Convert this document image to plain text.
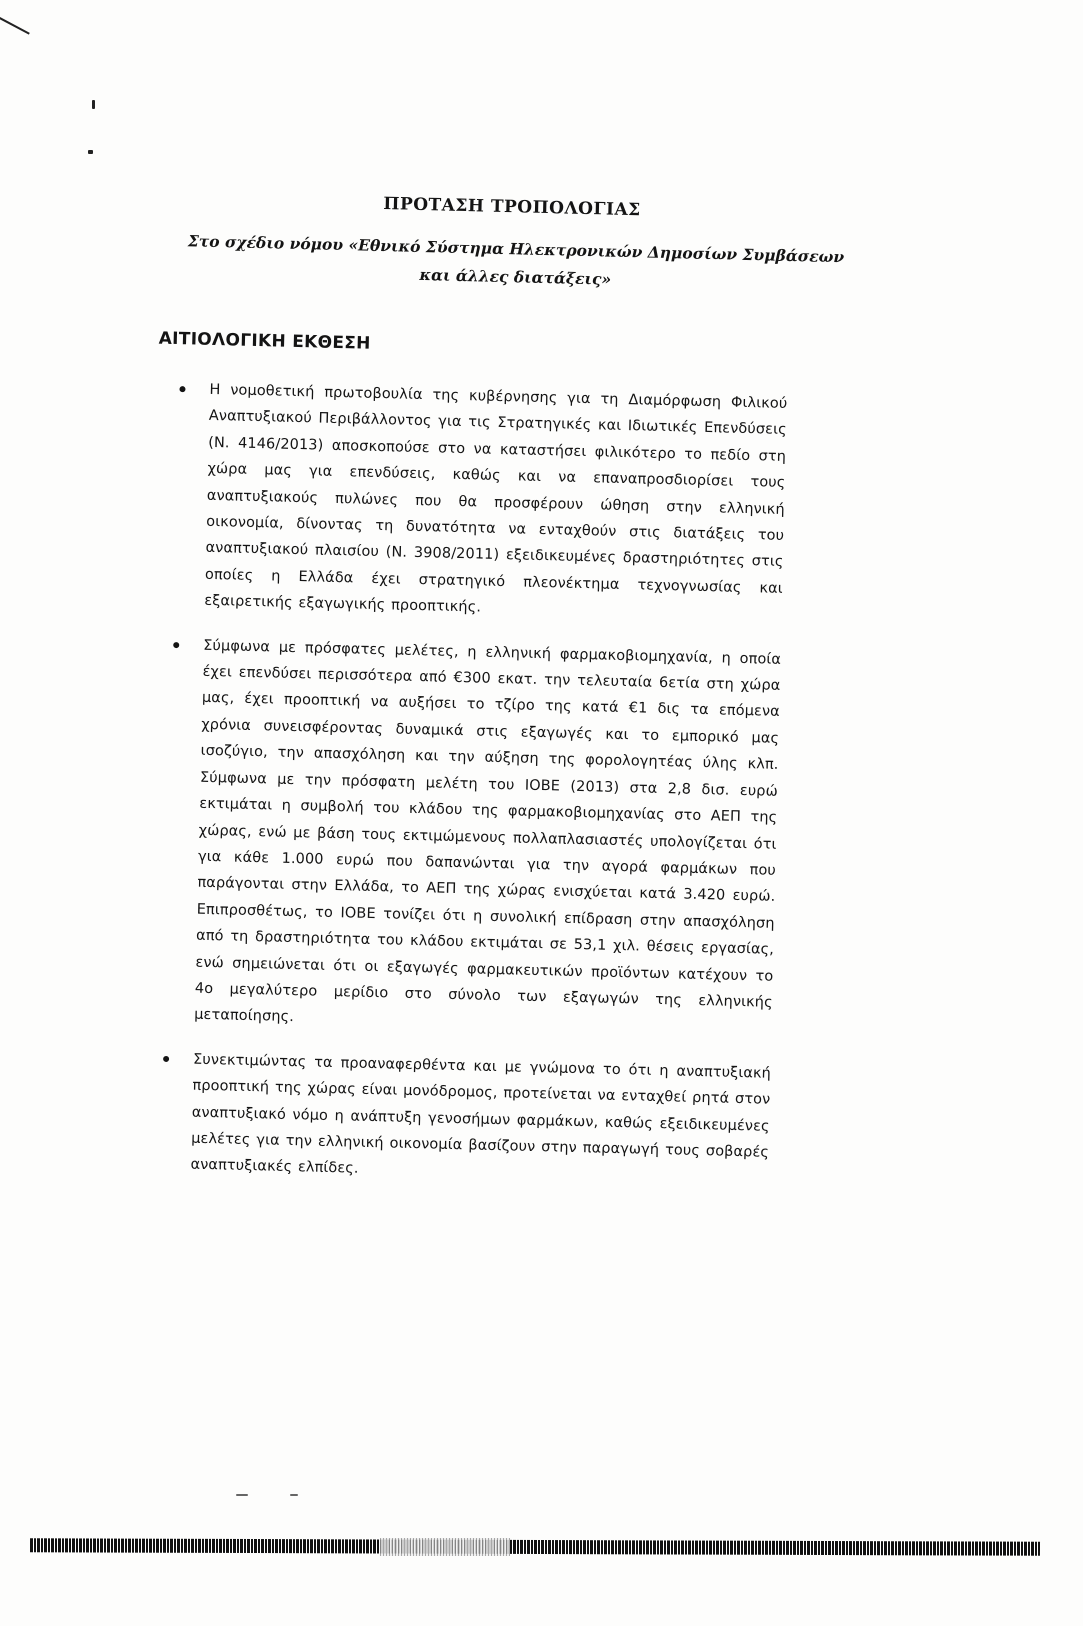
ΠΡΟΤΑΣΗ ΤΡΟΠΟΛΟΓΙΑΣ
Στο σχέδιο νόμου «Εθνικό Σύστημα Ηλεκτρονικών Δημοσίων Συμβάσεων και άλλες διατάξεις»
ΑΙΤΙΟΛΟΓΙΚΗ ΕΚΘΕΣΗ
Η νομοθετική πρωτοβουλία της κυβέρνησης για τη Διαμόρφωση Φιλικού Αναπτυξιακού Περιβάλλοντος για τις Στρατηγικές και Ιδιωτικές Επενδύσεις (Ν. 4146/2013) αποσκοπούσε στο να καταστήσει φιλικότερο το πεδίο στη χώρα μας για επενδύσεις, καθώς και να επαναπροσδιορίσει τους αναπτυξιακούς πυλώνες που θα προσφέρουν ώθηση στην ελληνική οικονομία, δίνοντας τη δυνατότητα να ενταχθούν στις διατάξεις του αναπτυξιακού πλαισίου (Ν. 3908/2011) εξειδικευμένες δραστηριότητες στις οποίες η Ελλάδα έχει στρατηγικό πλεονέκτημα τεχνογνωσίας και εξαιρετικής εξαγωγικής προοπτικής.
Σύμφωνα με πρόσφατες μελέτες, η ελληνική φαρμακοβιομηχανία, η οποία έχει επενδύσει περισσότερα από €300 εκατ. την τελευταία 6ετία στη χώρα μας, έχει προοπτική να αυξήσει το τζίρο της κατά €1 δις τα επόμενα χρόνια συνεισφέροντας δυναμικά στις εξαγωγές και το εμπορικό μας ισοζύγιο, την απασχόληση και την αύξηση της φορολογητέας ύλης κλπ. Σύμφωνα με την πρόσφατη μελέτη του ΙΟΒΕ (2013) στα 2,8 δισ. ευρώ εκτιμάται η συμβολή του κλάδου της φαρμακοβιομηχανίας στο ΑΕΠ της χώρας, ενώ με βάση τους εκτιμώμενους πολλαπλασιαστές υπολογίζεται ότι για κάθε 1.000 ευρώ που δαπανώνται για την αγορά φαρμάκων που παράγονται στην Ελλάδα, το ΑΕΠ της χώρας ενισχύεται κατά 3.420 ευρώ. Επιπροσθέτως, το ΙΟΒΕ τονίζει ότι η συνολική επίδραση στην απασχόληση από τη δραστηριότητα του κλάδου εκτιμάται σε 53,1 χιλ. θέσεις εργασίας, ενώ σημειώνεται ότι οι εξαγωγές φαρμακευτικών προϊόντων κατέχουν το 4ο μεγαλύτερο μερίδιο στο σύνολο των εξαγωγών της ελληνικής μεταποίησης.
Συνεκτιμώντας τα προαναφερθέντα και με γνώμονα το ότι η αναπτυξιακή προοπτική της χώρας είναι μονόδρομος, προτείνεται να ενταχθεί ρητά στον αναπτυξιακό νόμο η ανάπτυξη γενοσήμων φαρμάκων, καθώς εξειδικευμένες μελέτες για την ελληνική οικονομία βασίζουν στην παραγωγή τους σοβαρές αναπτυξιακές ελπίδες.
